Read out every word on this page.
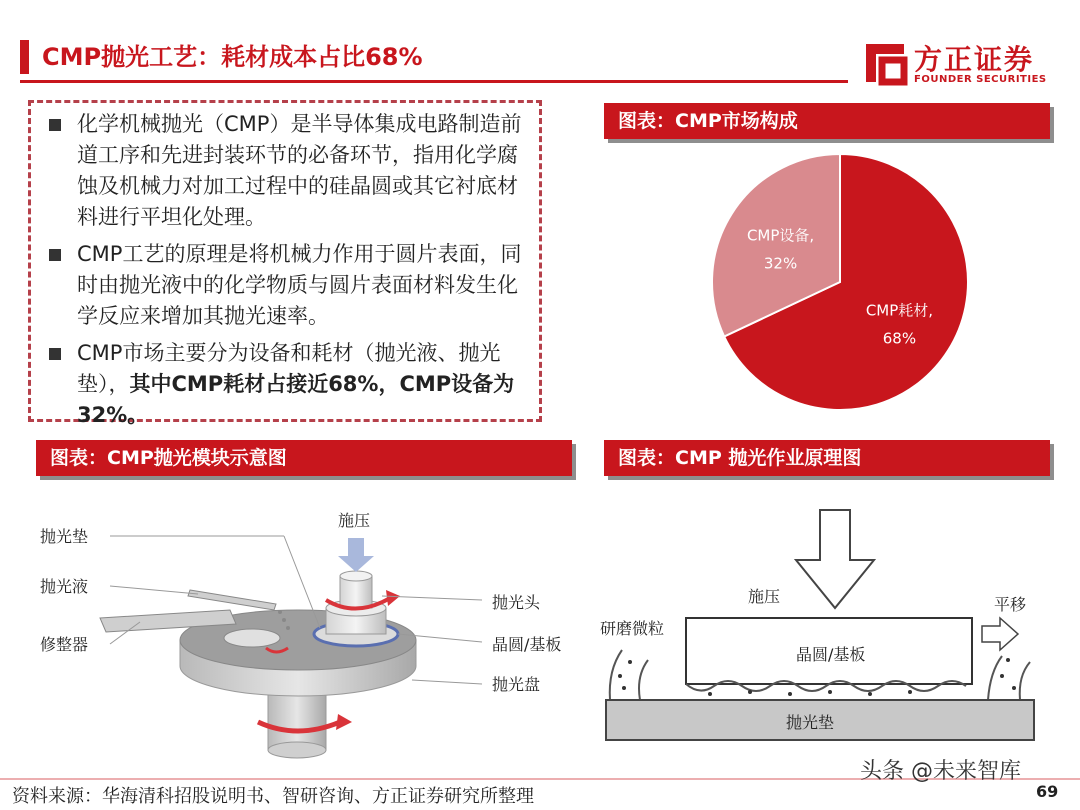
CMP抛光工艺：耗材成本占比68%	方正证券
FOUNDER SECURITIES
化学机械抛光（CMP）是半导体集成电路制造前道工序和先进封装环节的必备环节，指用化学腐蚀及机械力对加工过程中的硅晶圆或其它衬底材料进行平坦化处理。
CMP工艺的原理是将机械力作用于圆片表面，同时由抛光液中的化学物质与圆片表面材料发生化学反应来增加其抛光速率。
CMP市场主要分为设备和耗材（抛光液、抛光垫），其中CMP耗材占接近68%，CMP设备为32%。
图表：CMP市场构成
图表：CMP抛光模块示意图	图表：CMP 抛光作业原理图
CMP耗材,
68%
CMP设备,
32%
抛光垫
抛光液
修整器
施压
抛光头
晶圆/基板
抛光盘
施压	平移
晶圆/基板
研磨微粒
抛光垫
资料来源：华海清科招股说明书、智研咨询、方正证券研究所整理
头条 @未来智库
69
